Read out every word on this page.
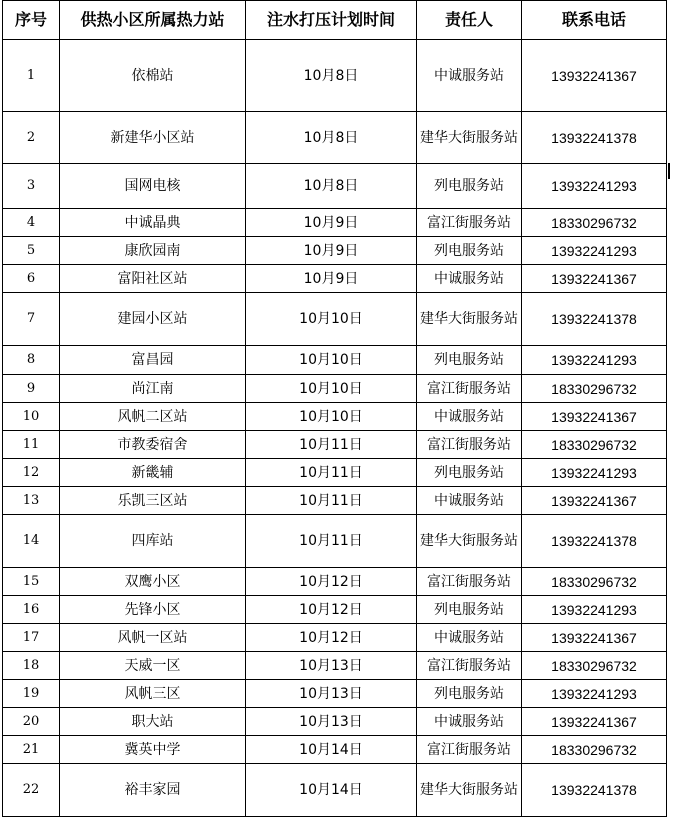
序号	供热小区所属热力站	注水打压计划时间	责任人	联系电话
1	依棉站	10月8日	中诚服务站	13932241367
2	新建华小区站	10月8日	建华大街服务站	13932241378
3	国网电核	10月8日	列电服务站	13932241293
4	中诚晶典	10月9日	富江街服务站	18330296732
5	康欣园南	10月9日	列电服务站	13932241293
6	富阳社区站	10月9日	中诚服务站	13932241367
7	建园小区站	10月10日	建华大街服务站	13932241378
8	富昌园	10月10日	列电服务站	13932241293
9	尚江南	10月10日	富江街服务站	18330296732
10	风帆二区站	10月10日	中诚服务站	13932241367
11	市教委宿舍	10月11日	富江街服务站	18330296732
12	新畿辅	10月11日	列电服务站	13932241293
13	乐凯三区站	10月11日	中诚服务站	13932241367
14	四库站	10月11日	建华大街服务站	13932241378
15	双鹰小区	10月12日	富江街服务站	18330296732
16	先锋小区	10月12日	列电服务站	13932241293
17	风帆一区站	10月12日	中诚服务站	13932241367
18	天威一区	10月13日	富江街服务站	18330296732
19	风帆三区	10月13日	列电服务站	13932241293
20	职大站	10月13日	中诚服务站	13932241367
21	冀英中学	10月14日	富江街服务站	18330296732
22	裕丰家园	10月14日	建华大街服务站	13932241378
